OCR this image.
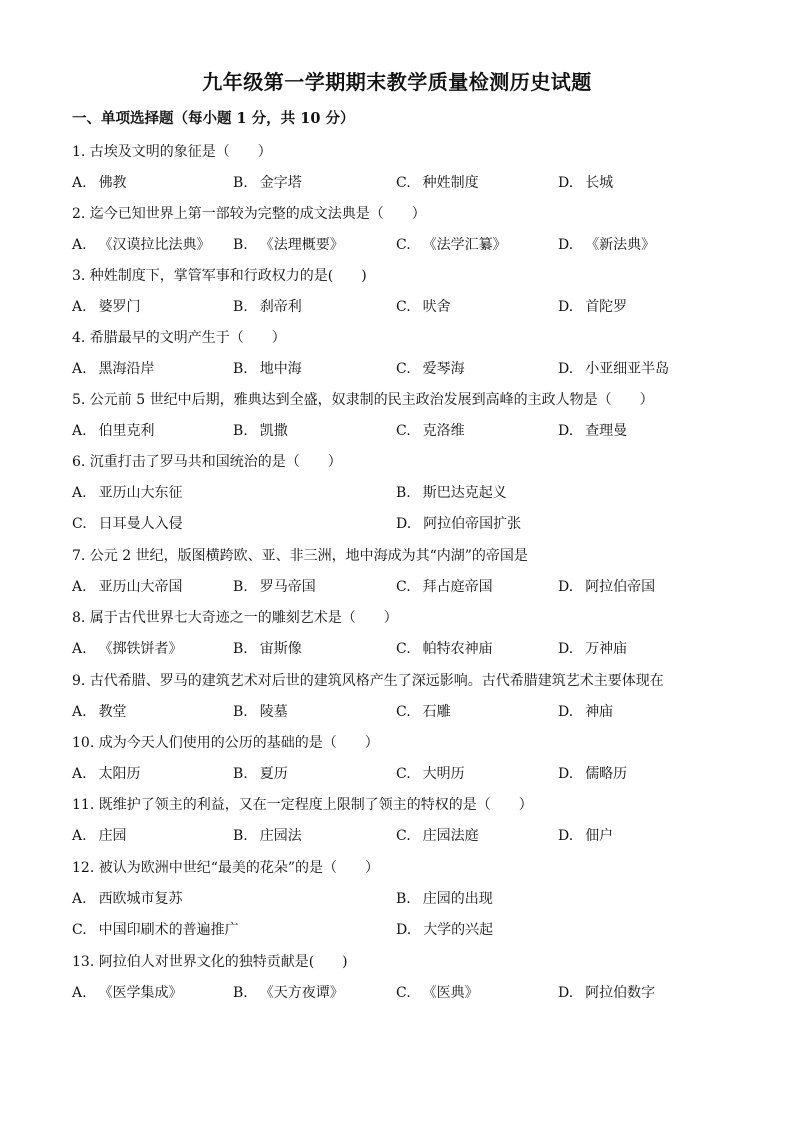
九年级第一学期期末教学质量检测历史试题
一、单项选择题（每小题 1 分，共 10 分）
1. 古埃及文明的象征是（　　）
A. 佛教	B. 金字塔	C. 种姓制度	D. 长城
2. 迄今已知世界上第一部较为完整的成文法典是（　　）
A. 《汉谟拉比法典》 B. 《法理概要》	C. 《法学汇纂》	D. 《新法典》
3. 种姓制度下，掌管军事和行政权力的是(　　)
A. 婆罗门	B. 刹帝利	C. 吠舍	D. 首陀罗
4. 希腊最早的文明产生于（　　）
A. 黑海沿岸	B. 地中海	C. 爱琴海	D. 小亚细亚半岛
5. 公元前 5 世纪中后期，雅典达到全盛，奴隶制的民主政治发展到高峰的主政人物是（　　）
A. 伯里克利	B. 凯撒	C. 克洛维	D. 查理曼
6. 沉重打击了罗马共和国统治的是（　　）
A. 亚历山大东征	B. 斯巴达克起义
C. 日耳曼人入侵	D. 阿拉伯帝国扩张
7. 公元 2 世纪，版图横跨欧、亚、非三洲，地中海成为其“内湖”的帝国是
A. 亚历山大帝国	B. 罗马帝国	C. 拜占庭帝国	D. 阿拉伯帝国
8. 属于古代世界七大奇迹之一的雕刻艺术是（　　）
A. 《掷铁饼者》	B. 宙斯像	C. 帕特农神庙	D. 万神庙
9. 古代希腊、罗马的建筑艺术对后世的建筑风格产生了深远影响。古代希腊建筑艺术主要体现在
A. 教堂	B. 陵墓	C. 石雕	D. 神庙
10. 成为今天人们使用的公历的基础的是（　　）
A. 太阳历	B. 夏历	C. 大明历	D. 儒略历
11. 既维护了领主的利益，又在一定程度上限制了领主的特权的是（　　）
A. 庄园	B. 庄园法	C. 庄园法庭	D. 佃户
12. 被认为欧洲中世纪“最美的花朵”的是（　　）
A. 西欧城市复苏	B. 庄园的出现
C. 中国印刷术的普遍推广	D. 大学的兴起
13. 阿拉伯人对世界文化的独特贡献是(　　)
A. 《医学集成》	B. 《天方夜谭》	C. 《医典》	D. 阿拉伯数字
